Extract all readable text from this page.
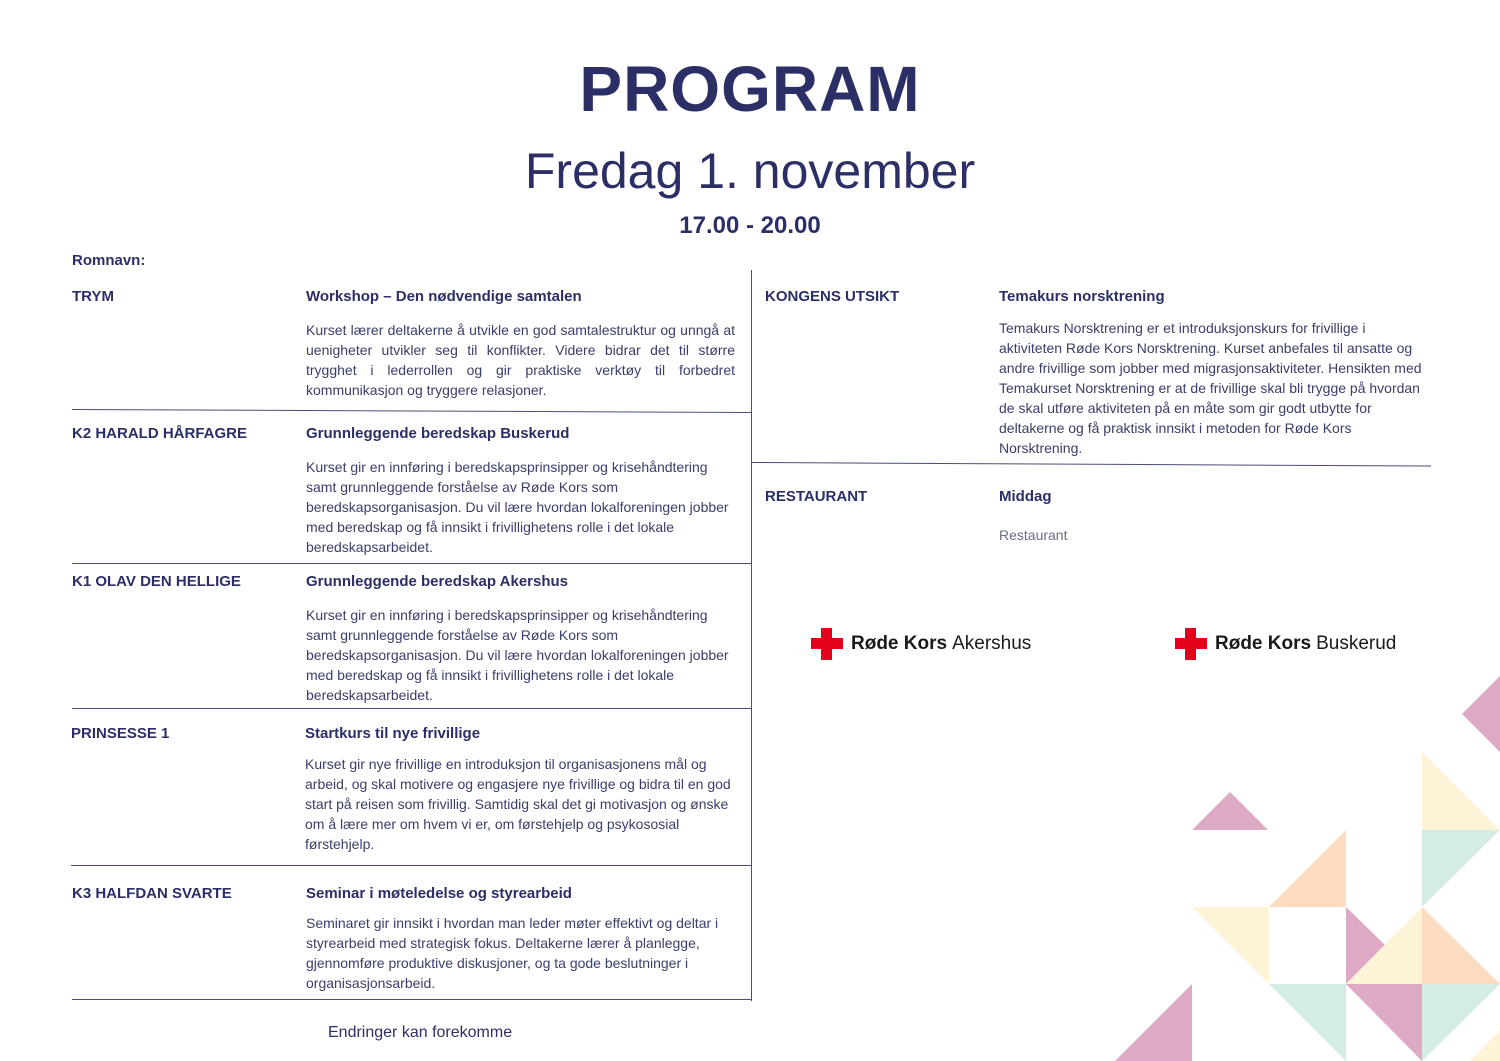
PROGRAM
Fredag 1. november
17.00 - 20.00
Romnavn:
TRYM	Workshop – Den nødvendige samtalen
Kurset lærer deltakerne å utvikle en god samtalestruktur og unngå at uenigheter utvikler seg til konflikter. Videre bidrar det til større trygghet i lederrollen og gir praktiske verktøy til forbedret kommunikasjon og tryggere relasjoner.
K2 HARALD HÅRFAGRE	Grunnleggende beredskap Buskerud
Kurset gir en innføring i beredskapsprinsipper og krisehåndtering samt grunnleggende forståelse av Røde Kors som beredskapsorganisasjon. Du vil lære hvordan lokalforeningen jobber med beredskap og få innsikt i frivillighetens rolle i det lokale beredskapsarbeidet.
K1 OLAV DEN HELLIGE	Grunnleggende beredskap Akershus
Kurset gir en innføring i beredskapsprinsipper og krisehåndtering samt grunnleggende forståelse av Røde Kors som beredskapsorganisasjon. Du vil lære hvordan lokalforeningen jobber med beredskap og få innsikt i frivillighetens rolle i det lokale beredskapsarbeidet.
PRINSESSE 1	Startkurs til nye frivillige
Kurset gir nye frivillige en introduksjon til organisasjonens mål og arbeid, og skal motivere og engasjere nye frivillige og bidra til en god start på reisen som frivillig. Samtidig skal det gi motivasjon og ønske om å lære mer om hvem vi er, om førstehjelp og psykososial førstehjelp.
K3 HALFDAN SVARTE	Seminar i møteledelse og styrearbeid
Seminaret gir innsikt i hvordan man leder møter effektivt og deltar i styrearbeid med strategisk fokus. Deltakerne lærer å planlegge, gjennomføre produktive diskusjoner, og ta gode beslutninger i organisasjonsarbeid.
KONGENS UTSIKT	Temakurs norsktrening
Temakurs Norsktrening er et introduksjonskurs for frivillige i aktiviteten Røde Kors Norsktrening. Kurset anbefales til ansatte og andre frivillige som jobber med migrasjonsaktiviteter. Hensikten med Temakurset Norsktrening er at de frivillige skal bli trygge på hvordan de skal utføre aktiviteten på en måte som gir godt utbytte for deltakerne og få praktisk innsikt i metoden for Røde Kors Norsktrening.
RESTAURANT	Middag
Restaurant
Røde Kors Akershus	Røde Kors Buskerud
Endringer kan forekomme
